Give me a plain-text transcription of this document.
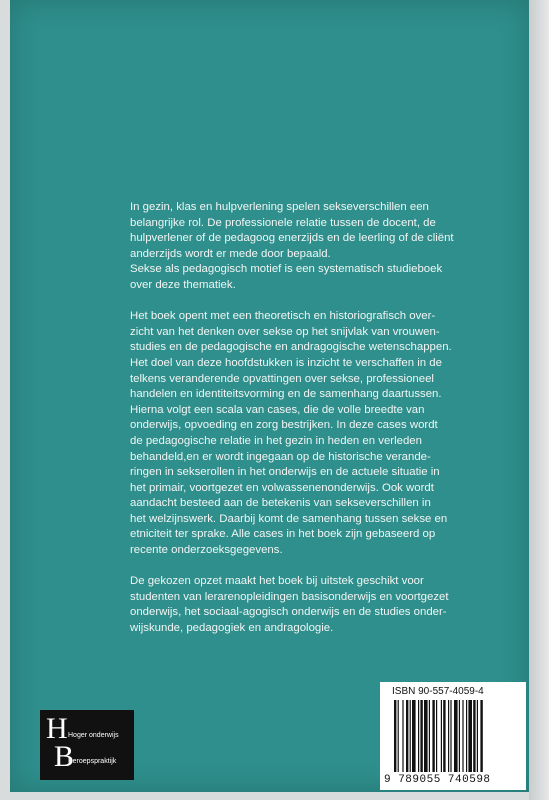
In gezin, klas en hulpverlening spelen sekseverschillen een
belangrijke rol. De professionele relatie tussen de docent, de
hulpverlener of de pedagoog enerzijds en de leerling of de cliënt
anderzijds wordt er mede door bepaald.
Sekse als pedagogisch motief is een systematisch studieboek
over deze thematiek.

Het boek opent met een theoretisch en historiografisch over-
zicht van het denken over sekse op het snijvlak van vrouwen-
studies en de pedagogische en andragogische wetenschappen.
Het doel van deze hoofdstukken is inzicht te verschaffen in de
telkens veranderende opvattingen over sekse, professioneel
handelen en identiteitsvorming en de samenhang daartussen.
Hierna volgt een scala van cases, die de volle breedte van
onderwijs, opvoeding en zorg bestrijken. In deze cases wordt
de pedagogische relatie in het gezin in heden en verleden
behandeld,en er wordt ingegaan op de historische verande-
ringen in sekserollen in het onderwijs en de actuele situatie in
het primair, voortgezet en volwassenenonderwijs. Ook wordt
aandacht besteed aan de betekenis van sekseverschillen in
het welzijnswerk. Daarbij komt de samenhang tussen sekse en
etniciteit ter sprake. Alle cases in het boek zijn gebaseerd op
recente onderzoeksgegevens.

De gekozen opzet maakt het boek bij uitstek geschikt voor
studenten van lerarenopleidingen basisonderwijs en voortgezet
onderwijs, het sociaal-agogisch onderwijs en de studies onder-
wijskunde, pedagogiek en andragologie.

H Hoger onderwijs
B
Beroepspraktijk
ISBN 90-557-4059-4
9 789055 740598
